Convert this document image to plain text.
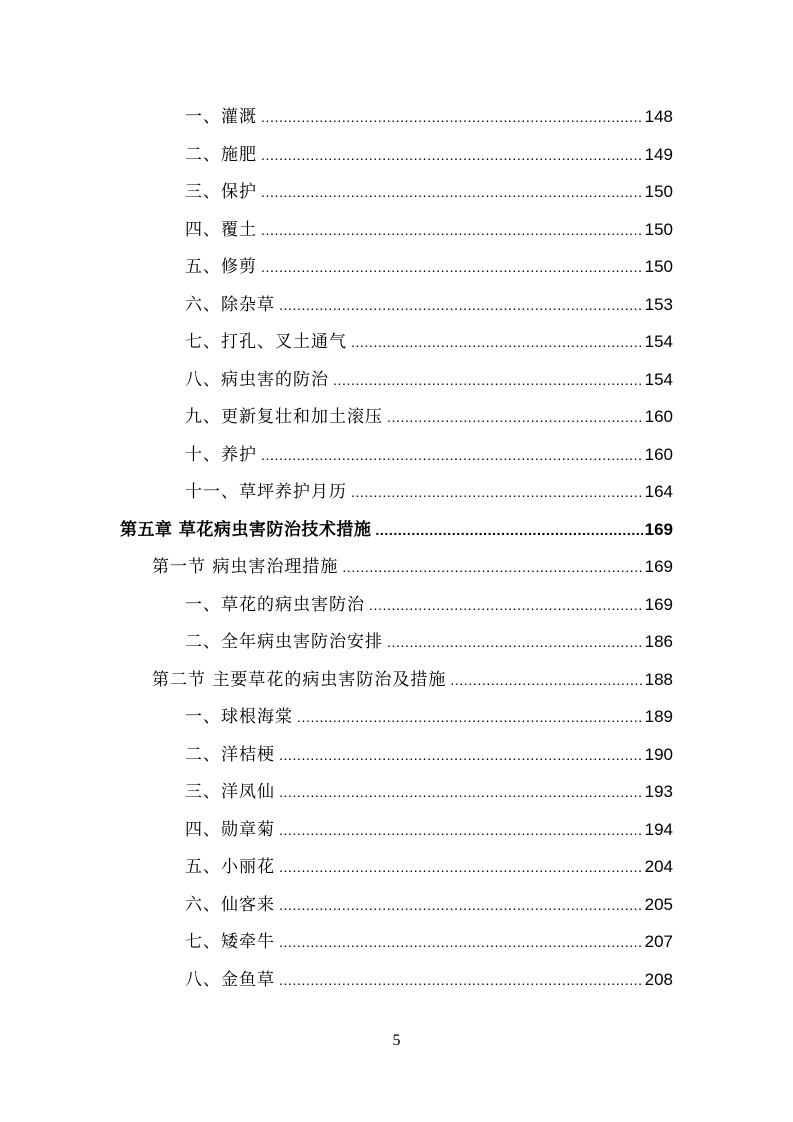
一、灌溉 .....	148
二、施肥 .....	149
三、保护 .....	150
四、覆土 .....	150
五、修剪 .....	150
六、除杂草 .....	153
七、打孔、叉土通气 .....	154
八、病虫害的防治 .....	154
九、更新复壮和加土滚压 .....	160
十、养护 .....	160
十一、草坪养护月历 .....	164
第五章 草花病虫害防治技术措施 .....	169
第一节 病虫害治理措施 .....	169
一、草花的病虫害防治 .....	169
二、全年病虫害防治安排 .....	186
第二节 主要草花的病虫害防治及措施 .....	188
一、球根海棠 .....	189
二、洋桔梗 .....	190
三、洋凤仙 .....	193
四、勋章菊 .....	194
五、小丽花 .....	204
六、仙客来 .....	205
七、矮牵牛 .....	207
八、金鱼草 .....	208
5
